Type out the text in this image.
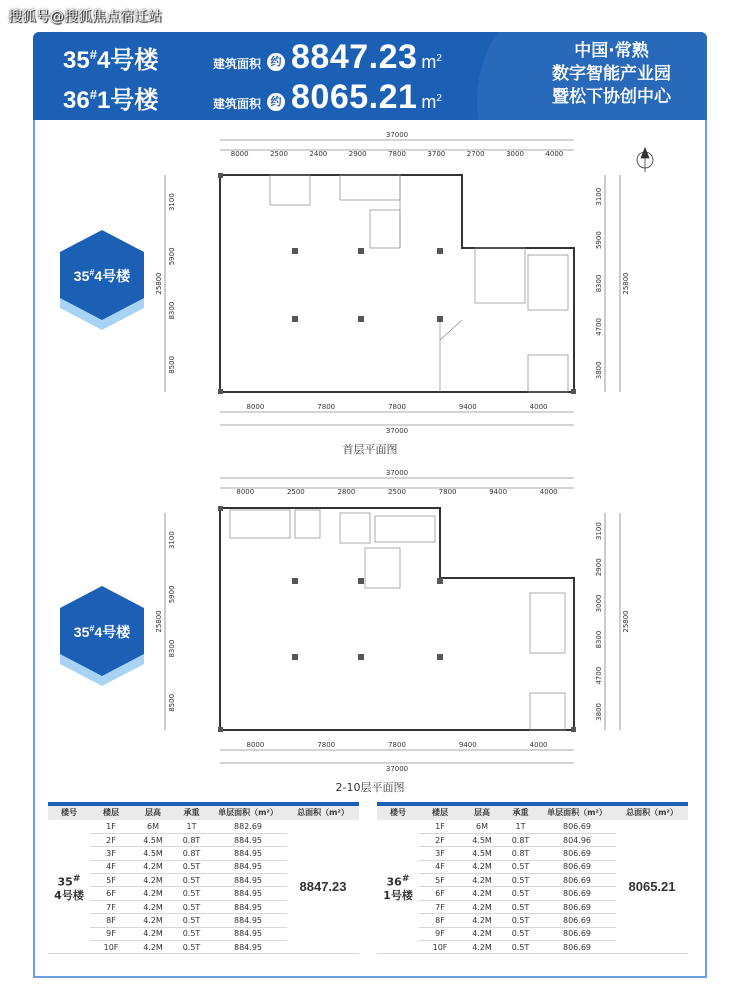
搜狐号@搜狐焦点宿迁站
35#4号楼	建筑面积 约 8847.23 $m^2$
36#1号楼	建筑面积 约 8065.21 $m^2$
中国·常熟
数字智能产业园
暨松下协创中心
35#4号楼
35#4号楼
37000
8000	2500	2400	2900	7800	3700	2700	3000	4000
8000	7800	7800	9400	4000
37000
3100
5900
8300
8500
25800
3100
5900
8300
4700
3800
25800
首层平面图
37000
8000	2500	2800	2500	7800	9400	4000
8000	7800	7800	9400	4000
37000
3100
5900
8300
8500
25800
3100
2900
3000
8300
4700
3800
25800
2-10层平面图
楼号	楼层	层高	承重	单层面积（m²）	总面积（m²）
35#
4号楼	1F	6M	1T	882.69	8847.23
	2F	4.5M	0.8T	884.95	
	3F	4.5M	0.8T	884.95	
	4F	4.2M	0.5T	884.95	
	5F	4.2M	0.5T	884.95	
	6F	4.2M	0.5T	884.95	
	7F	4.2M	0.5T	884.95	
	8F	4.2M	0.5T	884.95	
	9F	4.2M	0.5T	884.95	
	10F	4.2M	0.5T	884.95	
楼号	楼层	层高	承重	单层面积（m²）	总面积（m²）
36#
1号楼	1F	6M	1T	806.69	8065.21
	2F	4.5M	0.8T	804.96	
	3F	4.5M	0.8T	806.69	
	4F	4.2M	0.5T	806.69	
	5F	4.2M	0.5T	806.69	
	6F	4.2M	0.5T	806.69	
	7F	4.2M	0.5T	806.69	
	8F	4.2M	0.5T	806.69	
	9F	4.2M	0.5T	806.69	
	10F	4.2M	0.5T	806.69	
